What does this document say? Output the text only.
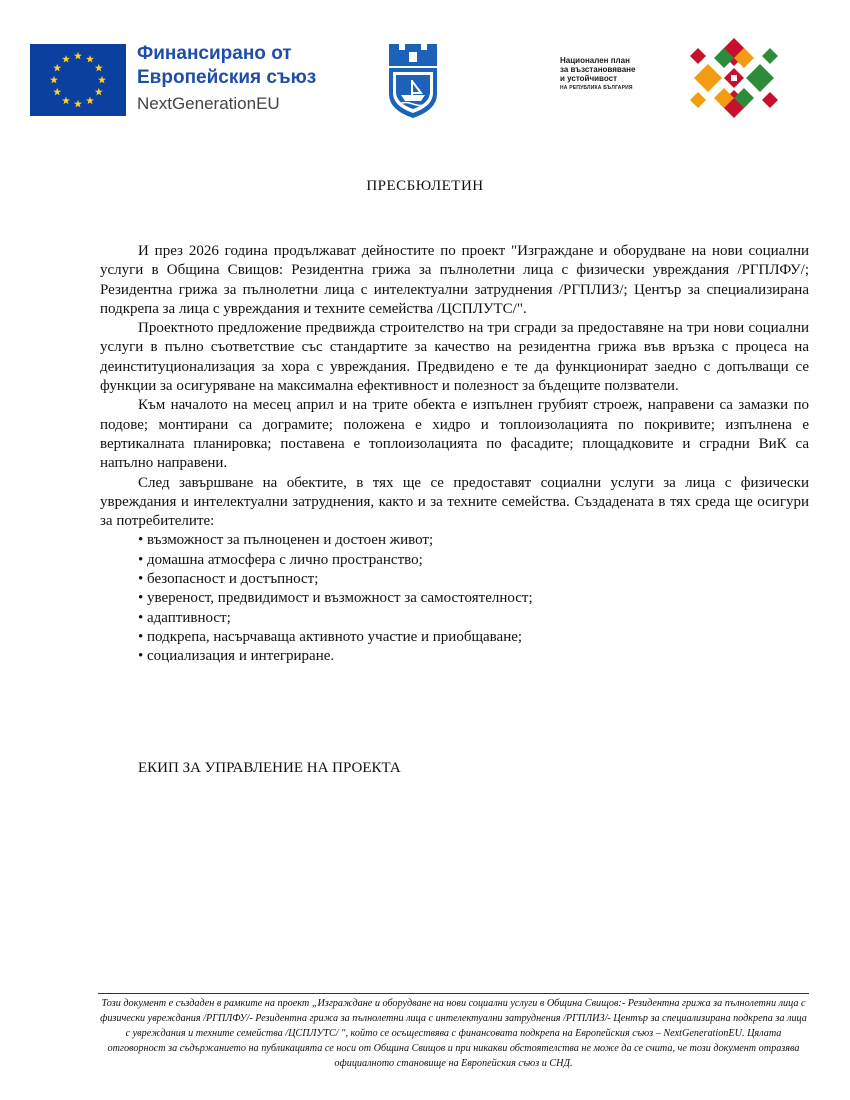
Финансирано от
Европейския съюз
NextGenerationEU
Национален план
за възстановяване
и устойчивост
НА РЕПУБЛИКА БЪЛГАРИЯ
ПРЕСБЮЛЕТИН

И през 2026 година продължават дейностите по проект "Изграждане и оборудване на нови социални услуги в Община Свищов: Резидентна грижа за пълнолетни лица с физически увреждания /РГПЛФУ/; Резидентна грижа за пълнолетни лица с интелектуални затруднения /РГПЛИЗ/; Център за специализирана подкрепа за лица с увреждания и техните семейства /ЦСПЛУТС/".

Проектното предложение предвижда строителство на три сгради за предоставяне на три нови социални услуги в пълно съответствие със стандартите за качество на резидентна грижа във връзка с процеса на деинституционализация за хора с увреждания. Предвидено е те да функционират заедно с допълващи се функции за осигуряване на максимална ефективност и полезност за бъдещите ползватели.

Към началото на месец април и на трите обекта е изпълнен грубият строеж, направени са замазки по подове; монтирани са дограмите; положена е хидро и топлоизолацията по покривите; изпълнена е вертикалната планировка; поставена е топлоизолацията по фасадите; площадковите и сградни ВиК са напълно направени.

След завършване на обектите, в тях ще се предоставят социални услуги за лица с физически увреждания и интелектуални затруднения, както и за техните семейства. Създадената в тях среда ще осигури за потребителите:

• възможност за пълноценен и достоен живот;
• домашна атмосфера с лично пространство;
• безопасност и достъпност;
• увереност, предвидимост и възможност за самостоятелност;
• адаптивност;
• подкрепа, насърчаваща активното участие и приобщаване;
• социализация и интегриране.
ЕКИП ЗА УПРАВЛЕНИЕ НА ПРОЕКТА
Този документ е създаден в рамките на проект „Изграждане и оборудване на нови социални услуги в Община Свищов:- Резидентна грижа за пълнолетни лица с физически увреждания /РГПЛФУ/- Резидентна грижа за пълнолетни лица с интелектуални затруднения /РГПЛИЗ/- Център за специализирана подкрепа за лица с увреждания и техните семейства /ЦСПЛУТС/ ", който се осъществява с финансовата подкрепа на Европейския съюз – NextGenerationEU. Цялата отговорност за съдържанието на публикацията се носи от Община Свищов и при никакви обстоятелства не може да се счита, че този документ отразява официалното становище на Европейския съюз и СНД.
